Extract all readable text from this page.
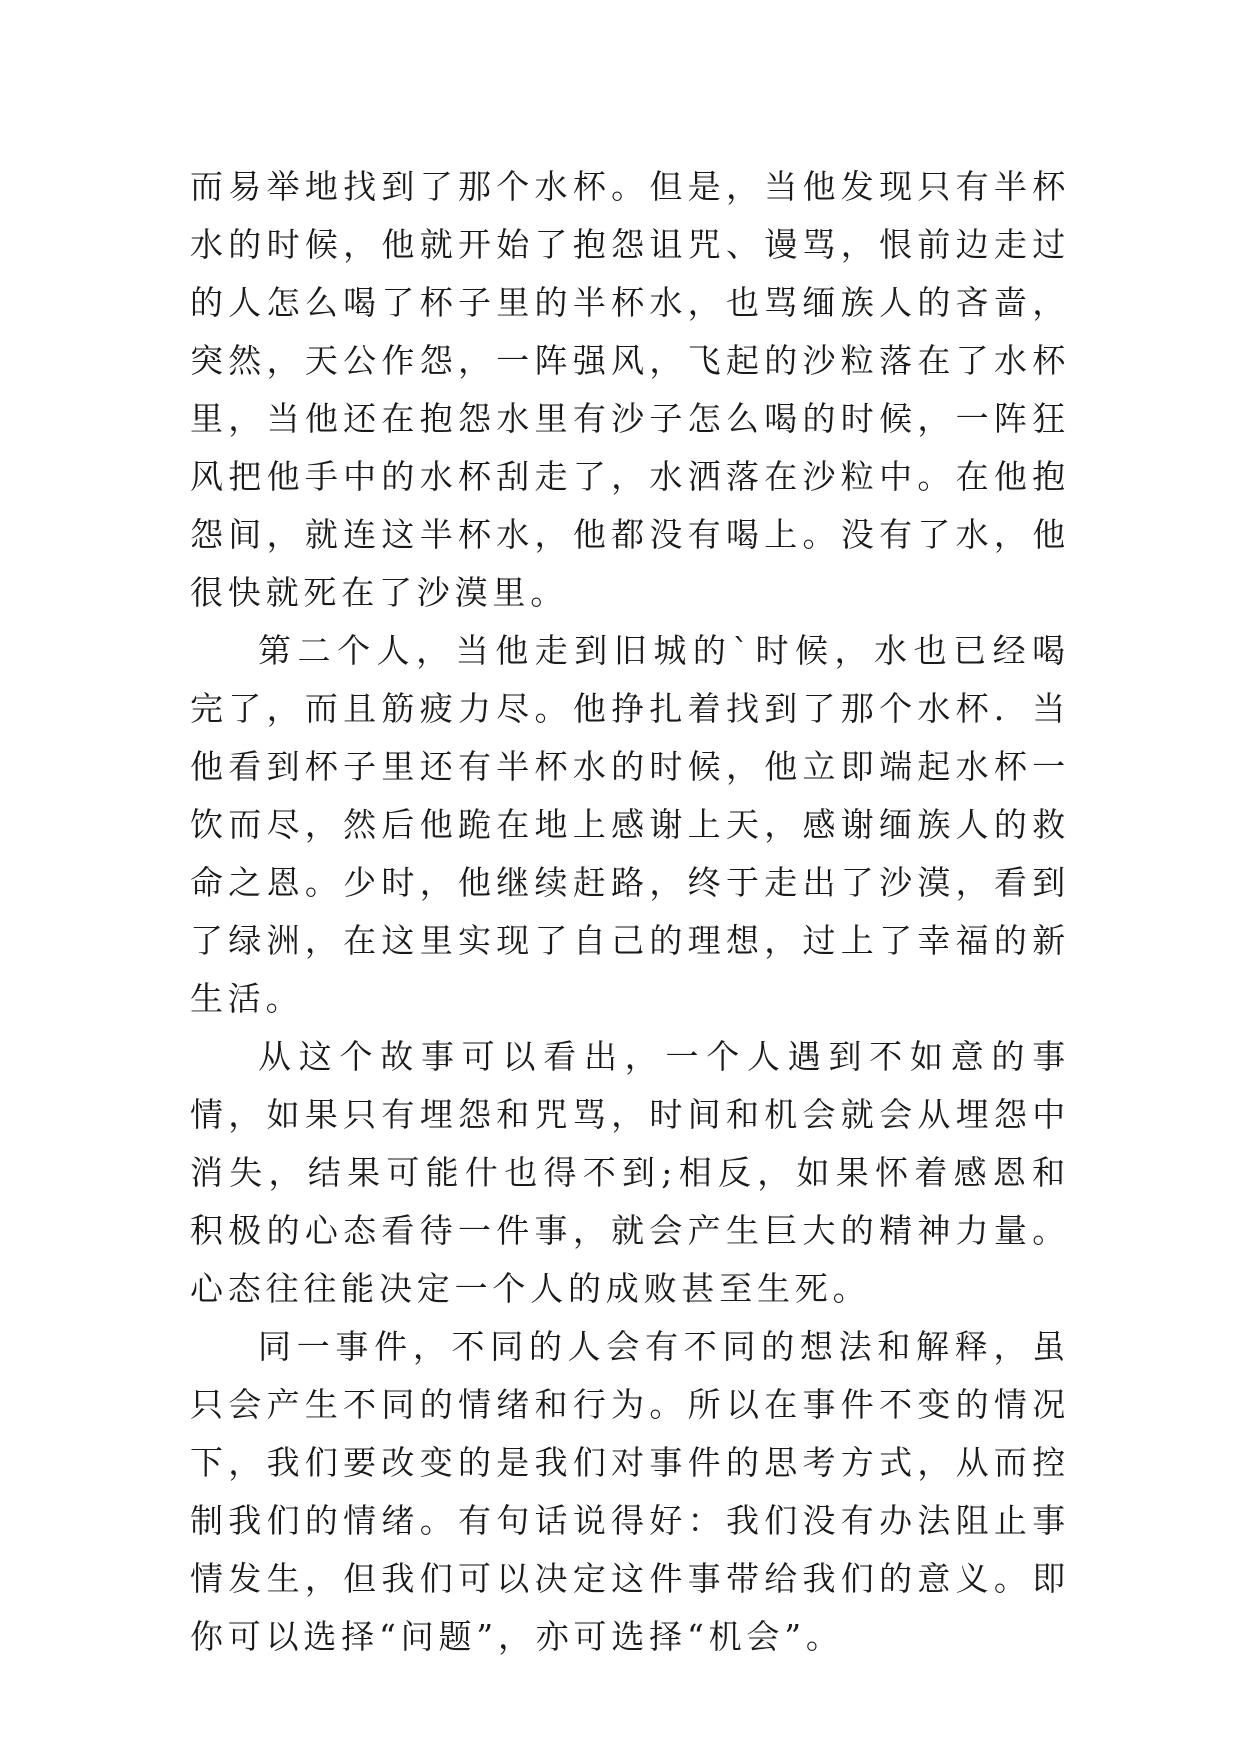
而易举地找到了那个水杯。但是，当他发现只有半杯水的时候，他就开始了抱怨诅咒、谩骂，恨前边走过的人怎么喝了杯子里的半杯水，也骂缅族人的吝啬，突然，天公作怨，一阵强风，飞起的沙粒落在了水杯里，当他还在抱怨水里有沙子怎么喝的时候，一阵狂风把他手中的水杯刮走了，水洒落在沙粒中。在他抱怨间，就连这半杯水，他都没有喝上。没有了水，他很快就死在了沙漠里。

第二个人，当他走到旧城的`时候，水也已经喝完了，而且筋疲力尽。他挣扎着找到了那个水杯．当他看到杯子里还有半杯水的时候，他立即端起水杯一饮而尽，然后他跪在地上感谢上天，感谢缅族人的救命之恩。少时，他继续赶路，终于走出了沙漠，看到了绿洲，在这里实现了自己的理想，过上了幸福的新生活。

从这个故事可以看出，一个人遇到不如意的事情，如果只有埋怨和咒骂，时间和机会就会从埋怨中消失，结果可能什也得不到;相反，如果怀着感恩和积极的心态看待一件事，就会产生巨大的精神力量。心态往往能决定一个人的成败甚至生死。

同一事件，不同的人会有不同的想法和解释，虽只会产生不同的情绪和行为。所以在事件不变的情况下，我们要改变的是我们对事件的思考方式，从而控制我们的情绪。有句话说得好：我们没有办法阻止事情发生，但我们可以决定这件事带给我们的意义。即你可以选择“问题”，亦可选择“机会”。
